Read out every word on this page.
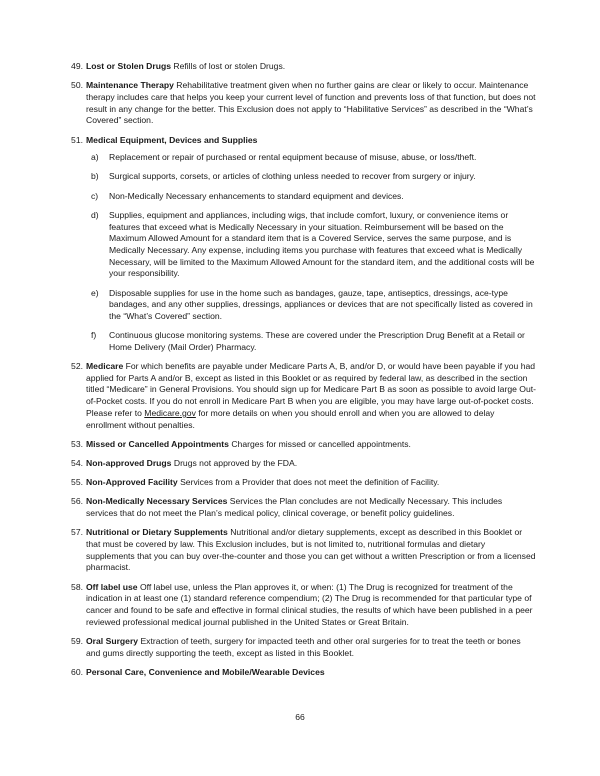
49. Lost or Stolen Drugs Refills of lost or stolen Drugs.
50. Maintenance Therapy Rehabilitative treatment given when no further gains are clear or likely to occur. Maintenance therapy includes care that helps you keep your current level of function and prevents loss of that function, but does not result in any change for the better. This Exclusion does not apply to “Habilitative Services” as described in the “What’s Covered” section.
51. Medical Equipment, Devices and Supplies
a)	Replacement or repair of purchased or rental equipment because of misuse, abuse, or loss/theft.
b)	Surgical supports, corsets, or articles of clothing unless needed to recover from surgery or injury.
c)	Non-Medically Necessary enhancements to standard equipment and devices.
d)	Supplies, equipment and appliances, including wigs, that include comfort, luxury, or convenience items or features that exceed what is Medically Necessary in your situation. Reimbursement will be based on the Maximum Allowed Amount for a standard item that is a Covered Service, serves the same purpose, and is Medically Necessary. Any expense, including items you purchase with features that exceed what is Medically Necessary, will be limited to the Maximum Allowed Amount for the standard item, and the additional costs will be your responsibility.
e)	Disposable supplies for use in the home such as bandages, gauze, tape, antiseptics, dressings, ace-type bandages, and any other supplies, dressings, appliances or devices that are not specifically listed as covered in the “What’s Covered” section.
f)	Continuous glucose monitoring systems. These are covered under the Prescription Drug Benefit at a Retail or Home Delivery (Mail Order) Pharmacy.
52. Medicare For which benefits are payable under Medicare Parts A, B, and/or D, or would have been payable if you had applied for Parts A and/or B, except as listed in this Booklet or as required by federal law, as described in the section titled “Medicare” in General Provisions. You should sign up for Medicare Part B as soon as possible to avoid large Out-of-Pocket costs. If you do not enroll in Medicare Part B when you are eligible, you may have large out-of-pocket costs. Please refer to Medicare.gov for more details on when you should enroll and when you are allowed to delay enrollment without penalties.
53. Missed or Cancelled Appointments Charges for missed or cancelled appointments.
54. Non-approved Drugs Drugs not approved by the FDA.
55. Non-Approved Facility Services from a Provider that does not meet the definition of Facility.
56. Non-Medically Necessary Services Services the Plan concludes are not Medically Necessary. This includes services that do not meet the Plan’s medical policy, clinical coverage, or benefit policy guidelines.
57. Nutritional or Dietary Supplements Nutritional and/or dietary supplements, except as described in this Booklet or that must be covered by law. This Exclusion includes, but is not limited to, nutritional formulas and dietary supplements that you can buy over-the-counter and those you can get without a written Prescription or from a licensed pharmacist.
58. Off label use Off label use, unless the Plan approves it, or when: (1) The Drug is recognized for treatment of the indication in at least one (1) standard reference compendium; (2) The Drug is recommended for that particular type of cancer and found to be safe and effective in formal clinical studies, the results of which have been published in a peer reviewed professional medical journal published in the United States or Great Britain.
59. Oral Surgery Extraction of teeth, surgery for impacted teeth and other oral surgeries for to treat the teeth or bones and gums directly supporting the teeth, except as listed in this Booklet.
60. Personal Care, Convenience and Mobile/Wearable Devices
66
